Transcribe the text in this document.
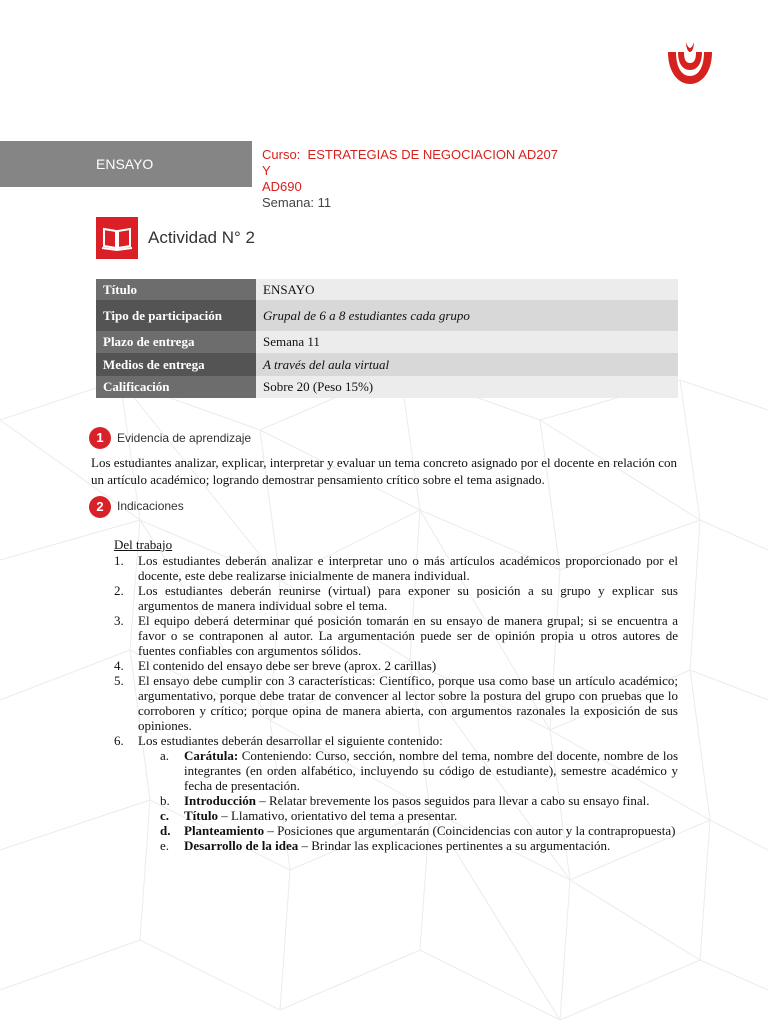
ENSAYO
Curso: ESTRATEGIAS DE NEGOCIACION AD207 Y
AD690
Semana: 11
Actividad N° 2
Título	ENSAYO
Tipo de participación	Grupal de 6 a 8 estudiantes cada grupo
Plazo de entrega	Semana 11
Medios de entrega	A través del aula virtual
Calificación	Sobre 20 (Peso 15%)
1	Evidencia de aprendizaje
Los estudiantes analizar, explicar, interpretar y evaluar un tema concreto asignado por el docente en relación con un artículo académico; logrando demostrar pensamiento crítico sobre el tema asignado.
2	Indicaciones
Del trabajo
1.	Los estudiantes deberán analizar e interpretar uno o más artículos académicos proporcionado por el docente, este debe realizarse inicialmente de manera individual.
2.	Los estudiantes deberán reunirse (virtual) para exponer su posición a su grupo y explicar sus argumentos de manera individual sobre el tema.
3.	El equipo deberá determinar qué posición tomarán en su ensayo de manera grupal; si se encuentra a favor o se contraponen al autor. La argumentación puede ser de opinión propia u otros autores de fuentes confiables con argumentos sólidos.
4.	El contenido del ensayo debe ser breve (aprox. 2 carillas)
5.	El ensayo debe cumplir con 3 características: Científico, porque usa como base un artículo académico; argumentativo, porque debe tratar de convencer al lector sobre la postura del grupo con pruebas que lo corroboren y crítico; porque opina de manera abierta, con argumentos razonales la exposición de sus opiniones.
6.	Los estudiantes deberán desarrollar el siguiente contenido:
a.	Carátula: Conteniendo: Curso, sección, nombre del tema, nombre del docente, nombre de los integrantes (en orden alfabético, incluyendo su código de estudiante), semestre académico y fecha de presentación.
b.	Introducción – Relatar brevemente los pasos seguidos para llevar a cabo su ensayo final.
c.	Título – Llamativo, orientativo del tema a presentar.
d.	Planteamiento – Posiciones que argumentarán (Coincidencias con autor y la contrapropuesta)
e.	Desarrollo de la idea – Brindar las explicaciones pertinentes a su argumentación.
